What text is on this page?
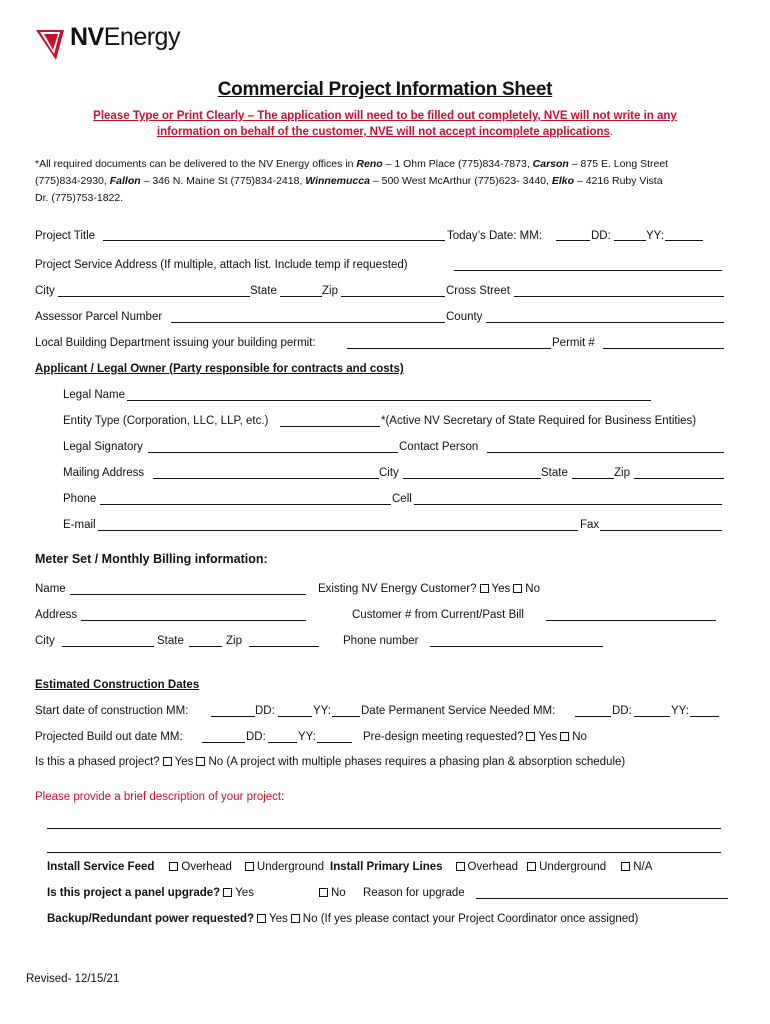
NVEnergy
Commercial Project Information Sheet
Please Type or Print Clearly – The application will need to be filled out completely, NVE will not write in any
information on behalf of the customer, NVE will not accept incomplete applications.
*All required documents can be delivered to the NV Energy offices in Reno – 1 Ohm Place (775)834-7873, Carson – 875 E. Long Street
(775)834-2930, Fallon – 346 N. Maine St (775)834-2418, Winnemucca – 500 West McArthur (775)623- 3440, Elko – 4216 Ruby Vista
Dr. (775)753-1822.
Project Title	Today’s Date: MM:	DD:	YY:
Project Service Address (If multiple, attach list. Include temp if requested)
City	State	Zip	Cross Street
Assessor Parcel Number	County
Local Building Department issuing your building permit:	Permit #
Applicant / Legal Owner (Party responsible for contracts and costs)
Legal Name
Entity Type (Corporation, LLC, LLP, etc.)	*(Active NV Secretary of State Required for Business Entities)
Legal Signatory	Contact Person
Mailing Address	City	State	Zip
Phone	Cell
E-mail	Fax
Meter Set / Monthly Billing information:
Name	Existing NV Energy Customer? Yes No
Address	Customer # from Current/Past Bill
City	State	Zip	Phone number
Estimated Construction Dates
Start date of construction MM:	DD:	YY:	Date Permanent Service Needed MM:	DD:	YY:
Projected Build out date MM:	DD:	YY:	Pre-design meeting requested? Yes No
Is this a phased project? Yes No (A project with multiple phases requires a phasing plan & absorption schedule)
Please provide a brief description of your project:
Install Service Feed Overhead Underground Install Primary Lines Overhead Underground N/A
Is this project a panel upgrade? Yes	No Reason for upgrade
Backup/Redundant power requested? Yes No (If yes please contact your Project Coordinator once assigned)
Revised- 12/15/21
